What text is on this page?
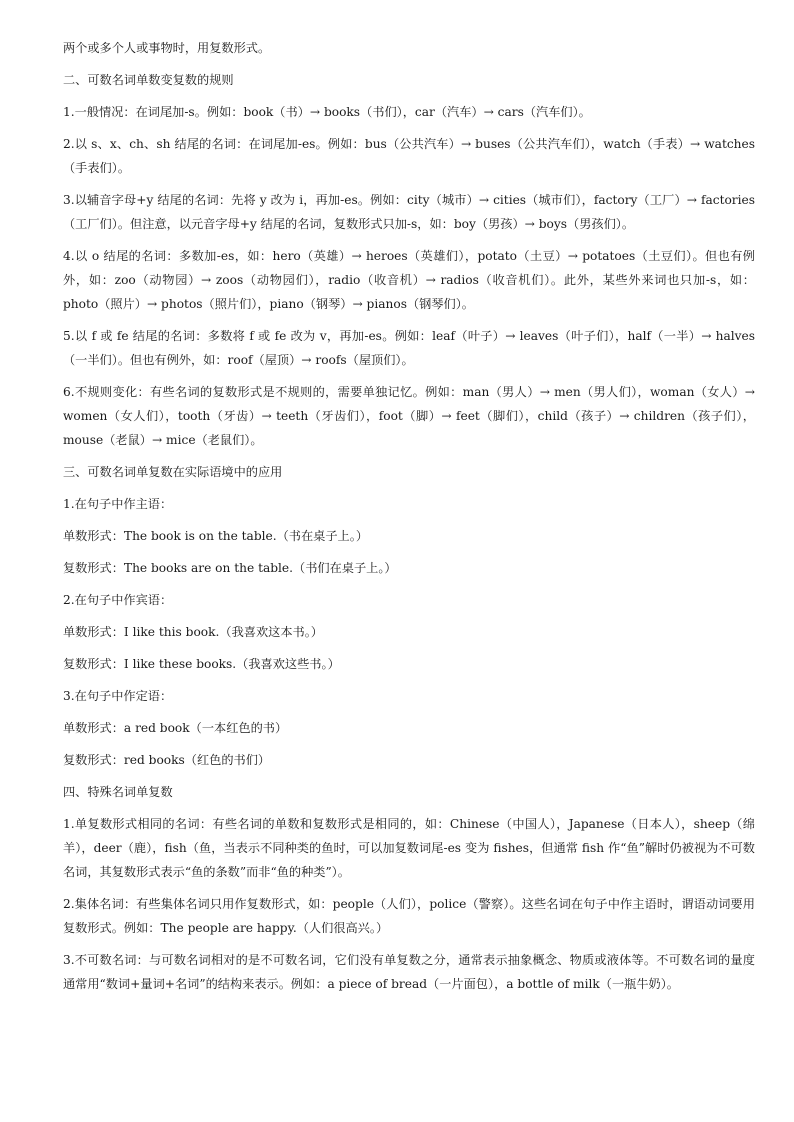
两个或多个人或事物时，用复数形式。

二、可数名词单数变复数的规则

1.一般情况：在词尾加-s。例如：book（书）→ books（书们），car（汽车）→ cars（汽车们）。

2.以 s、x、ch、sh 结尾的名词：在词尾加-es。例如：bus（公共汽车）→ buses（公共汽车们），watch（手表）→ watches（手表们）。

3.以辅音字母+y 结尾的名词：先将 y 改为 i，再加-es。例如：city（城市）→ cities（城市们），factory（工厂）→ factories（工厂们）。但注意，以元音字母+y 结尾的名词，复数形式只加-s，如：boy（男孩）→ boys（男孩们）。

4.以 o 结尾的名词：多数加-es，如：hero（英雄）→ heroes（英雄们），potato（土豆）→ potatoes（土豆们）。但也有例外，如：zoo（动物园）→ zoos（动物园们），radio（收音机）→ radios（收音机们）。此外，某些外来词也只加-s，如：photo（照片）→ photos（照片们），piano（钢琴）→ pianos（钢琴们）。

5.以 f 或 fe 结尾的名词：多数将 f 或 fe 改为 v，再加-es。例如：leaf（叶子）→ leaves（叶子们），half（一半）→ halves（一半们）。但也有例外，如：roof（屋顶）→ roofs（屋顶们）。

6.不规则变化：有些名词的复数形式是不规则的，需要单独记忆。例如：man（男人）→ men（男人们），woman（女人）→ women（女人们），tooth（牙齿）→ teeth（牙齿们），foot（脚）→ feet（脚们），child（孩子）→ children（孩子们），mouse（老鼠）→ mice（老鼠们）。

三、可数名词单复数在实际语境中的应用

1.在句子中作主语：

单数形式：The book is on the table.（书在桌子上。）

复数形式：The books are on the table.（书们在桌子上。）

2.在句子中作宾语：

单数形式：I like this book.（我喜欢这本书。）

复数形式：I like these books.（我喜欢这些书。）

3.在句子中作定语：

单数形式：a red book（一本红色的书）

复数形式：red books（红色的书们）

四、特殊名词单复数

1.单复数形式相同的名词：有些名词的单数和复数形式是相同的，如：Chinese（中国人），Japanese（日本人），sheep（绵羊），deer（鹿），fish（鱼，当表示不同种类的鱼时，可以加复数词尾-es 变为 fishes，但通常 fish 作“鱼”解时仍被视为不可数名词，其复数形式表示“鱼的条数”而非“鱼的种类”）。

2.集体名词：有些集体名词只用作复数形式，如：people（人们），police（警察）。这些名词在句子中作主语时，谓语动词要用复数形式。例如：The people are happy.（人们很高兴。）

3.不可数名词：与可数名词相对的是不可数名词，它们没有单复数之分，通常表示抽象概念、物质或液体等。不可数名词的量度通常用“数词+量词+名词”的结构来表示。例如：a piece of bread（一片面包），a bottle of milk（一瓶牛奶）。
